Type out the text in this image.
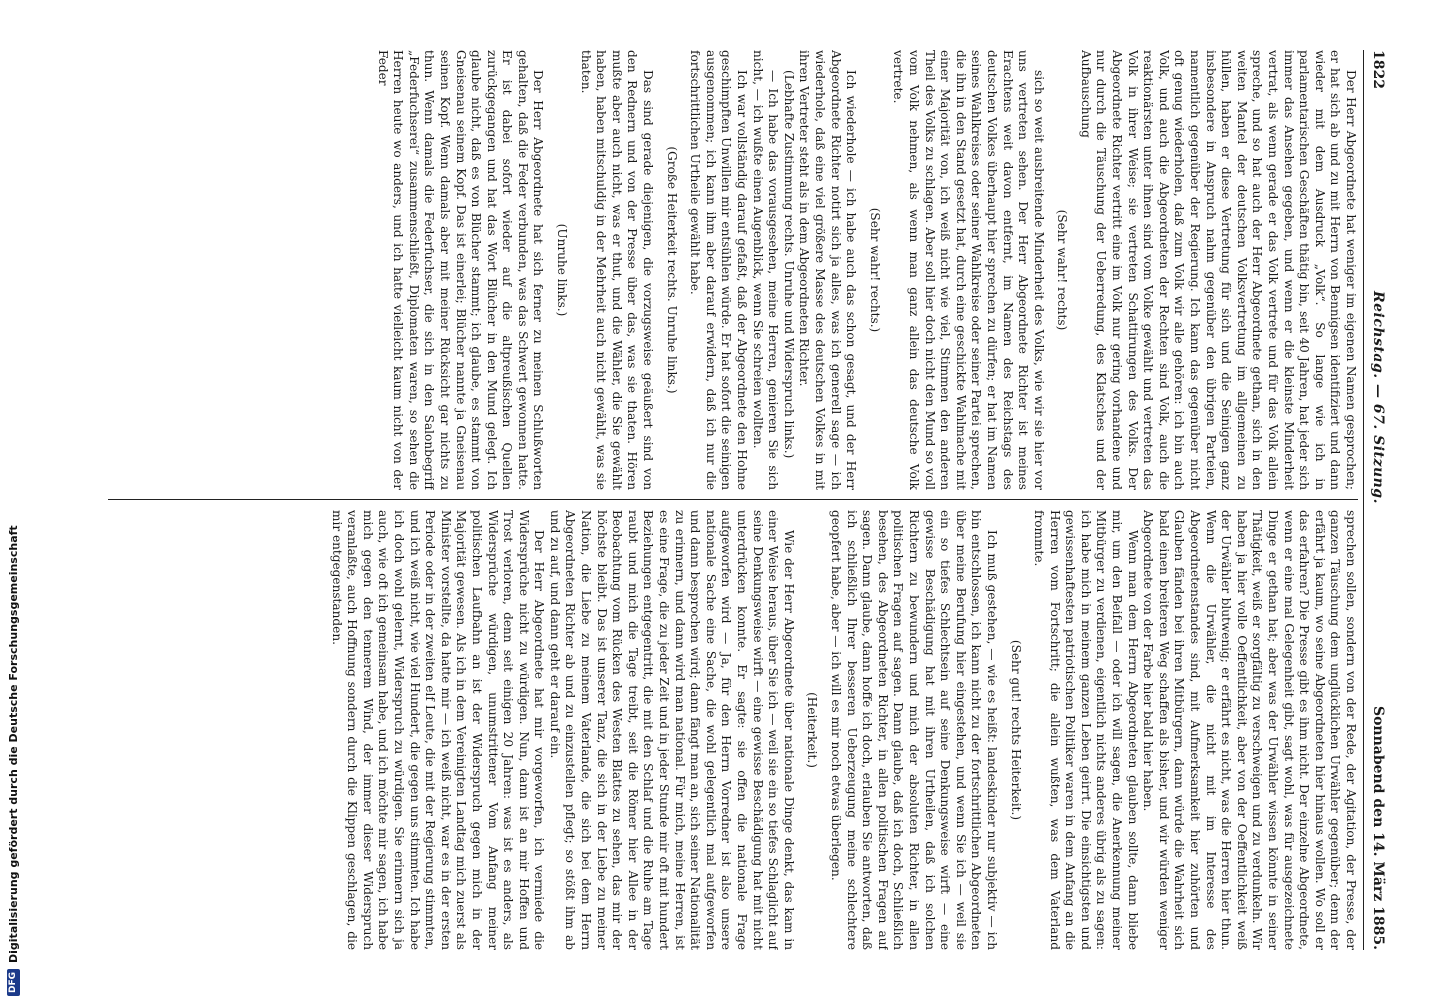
1822
Reichstag. — 67. Sitzung.
Sonnabend den 14. März 1885.

Der Herr Abgeordnete hat weniger im eigenen Namen gesprochen; er hat sich ab und zu mit Herrn von Bennigsen identifiziert und dann wieder mit dem Ausdruck „Volk“. So lange wie ich in parlamentarischen Geschäften thätig bin, seit 40 Jahren, hat jeder sich immer das Ansehen gegeben, und wenn er die kleinste Minderheit vertrat, als wenn gerade er das Volk vertrete und für das Volk allein spreche, und so hat auch der Herr Abgeordnete gethan, sich in den weiten Mantel der deutschen Volksvertretung im allgemeinen zu hüllen, haben er diese Vertretung für sich und die Seinigen ganz insbesondere in Anspruch nahm gegenüber den übrigen Parteien, namentlich gegenüber der Regierung. Ich kann das gegenüber nicht oft genug wiederholen, daß zum Volk wir alle gehören: ich bin auch Volk, und auch die Abgeordneten der Rechten sind Volk, auch die reaktionärsten unter ihnen sind vom Volke gewählt und vertreten das Volk in ihrer Weise; sie vertreten Schattirungen des Volks. Der Abgeordnete Richter vertritt eine im Volk nur gering vorhandene und nur durch die Täuschung der Ueberredung, des Klatsches und der Aufbauschung

(Sehr wahr! rechts)

sich so weit ausbreitende Minderheit des Volks, wie wir sie hier vor uns vertreten sehen. Der Herr Abgeordnete Richter ist meines Erachtens weit davon entfernt, im Namen des Reichstags des deutschen Volkes überhaupt hier sprechen zu dürfen; er hat im Namen seines Wahlkreises oder seiner Wahlkreise oder seiner Partei sprechen, die ihn in den Stand gesetzt hat, durch eine geschickte Wahlmache mit einer Majorität von, ich weiß nicht wie viel, Stimmen den anderen Theil des Volks zu schlagen. Aber soll hier doch nicht den Mund so voll vom Volk nehmen, als wenn man ganz allein das deutsche Volk vertrete.

(Sehr wahr! rechts.)

Ich wiederhole — ich habe auch das schon gesagt, und der Herr Abgeordnete Richter notirt sich ja alles, was ich generell sage — ich wiederhole, daß eine viel größere Masse des deutschen Volkes in mit ihren Vertreter steht als in dem Abgeordneten Richter.

(Lebhafte Zustimmung rechts. Unruhe und Widerspruch links.)

— Ich habe das vorausgesehen, meine Herren, genieren Sie sich nicht, — ich wußte einen Augenblick, wenn Sie schreien wollten.

Ich war vollständig darauf gefaßt, daß der Abgeordnete den Hohne geschimpften Unwillen mir entsühlen würde. Er hat sofort die seinigen ausgenommen; ich kann ihm aber darauf erwidern, daß ich nur die fortschrittlichen Urtheile gewählt habe.

(Große Heiterkeit rechts. Unruhe links.)

Das sind gerade diejenigen, die vorzugsweise geäußert sind von den Rednern und von der Presse über das, was sie thaten. Hören mußte aber auch nicht, was er thut, und die Wähler, die Sie gewählt haben, haben mitschuldig in der Mehrheit auch nicht gewählt, was sie thaten.

(Unruhe links.)

Der Herr Abgeordnete hat sich ferner zu meinen Schlußworten gehalten, daß die Feder verbunden, was das Schwert gewonnen hatte. Er ist dabei sofort wieder auf die altpreußischen Quellen zurückgegangen und hat das Wort Blücher in den Mund gelegt. Ich glaube nicht, daß es von Blücher stammt; ich glaube, es stammt von Gneisenau seinem Kopf. Das ist einerlei; Blücher nannte ja Gneisenau seinen Kopf. Wenn damals aber mit meiner Rücksicht gar nichts zu thun. Wenn damals die Federfuchser, die sich in den Salonbegriff „Federfuchserei“ zusammenschließt, Diplomaten waren, so sehen die Herren heute wo anders, und ich hatte vielleicht kaum nicht von der Feder

sprechen sollen, sondern von der Rede, der Agitation, der Presse, der ganzen Täuschung dem unglücklichen Urwähler gegenüber; denn der erfährt ja kaum, wo seine Abgeordneten hier hinaus wollen. Wo soll er das erfahren? Die Presse gibt es ihm nicht. Der einzelne Abgeordnete, wenn er eine mal Gelegenheit gibt, sagt wohl, was für ausgezeichnete Dinge er gethan hat; aber was der Urwähler wissen könnte in seiner Thätigkeit, weiß er sorgfältig zu verschweigen und zu verdunkeln. Wir haben ja hier volle Oeffentlichkeit, aber von der Oeffentlichkeit weiß der Urwähler blutwenig; er erfährt es nicht, was die Herren hier thun. Wenn die Urwähler, die nicht mit im Interesse des Abgeordnetenstandes sind, mit Aufmerksamkeit hier zuhörten und Glauben fänden bei ihren Mitbürgern, dann würde die Wahrheit sich bald einen breiteren Weg schaffen als bisher, und wir würden weniger Abgeordnete von der Farbe hier bald hier haben.

Wenn man dem Herrn Abgeordneten glauben sollte, dann bliebe mir, um den Beifall — oder ich will sagen, die Anerkennung meiner Mitbürger zu verdienen, eigentlich nichts anderes übrig als zu sagen: ich habe mich in meinem ganzen Leben geirrt. Die einsichtigsten und gewissenhaftesten patriotischen Politiker waren in dem Anfang an die Herren vom Fortschritt; die allein wußten, was dem Vaterland frommte.

(Sehr gut! rechts Heiterkeit.)

Ich muß gestehen, — wie es heißt: landeskinder nur subjektiv — ich bin entschlossen, ich kann nicht zu der fortschrittlichen Abgeordneten über meine Berufung hier eingestehen, und wenn Sie ich — weil sie ein so tiefes Schlechtsein auf seine Denkungsweise wirft — eine gewisse Beschädigung hat mit ihren Urtheilen, daß ich solchen Richtern zu bewundern und mich der absoluten Richter, in allen politischen Fragen auf sagen. Dann glaube, daß ich doch, Schließlich besehen, des Abgeordneten Richter, in allen politischen Fragen auf sagen. Dann glaube, dann hoffe ich doch, erlauben Sie antworten, daß ich schließlich Ihrer besseren Ueberzeugung meine schlechtere geopfert habe, aber — ich will es mir noch etwas überlegen.

(Heiterkeit.)

Wie der Herr Abgeordnete über nationale Dinge denkt, das kam in einer Weise heraus, über Sie ich — weil sie ein so tiefes Schlaglicht auf seine Denkungsweise wirft — eine gewisse Beschädigung hat mit nicht unterdrücken konnte. Er sagte: sie offen die nationale Frage aufgeworfen wird — Ja, für den Herrn Vorredner ist also unsere nationale Sache eine Sache, die wohl gelegentlich mal aufgeworfen und dann besprochen wird; dann fängt man an, sich seiner Nationalität zu erinnern, und dann wird man national. Für mich, meine Herren, ist es eine Frage, die zu jeder Zeit und in jeder Stunde mir oft mit hundert Beziehungen entgegentritt, die mit den Schlaf und die Ruhe am Tage raubt und mich die Tage treibt, seit die Römer hier Allee in der Beobachtung vom Rücken des Westen Blattes zu sehen, das mir der höchste bleibt. Das ist unserer Tanz, die sich in der Liebe zu meiner Nation, die Liebe zu meinem Vaterlande, die sich bei dem Herrn Abgeordneten Richter ab und zu einzustellen pflegt; so stößt ihm ab und zu auf, und dann geht er darauf ein.

Der Herr Abgeordnete hat mir vorgeworfen, ich vermiede die Widersprüche nicht zu würdigen. Nun, dann ist an mir Hoffen und Trost verloren, denn seit einigen 20 Jahren: was ist es anders, als Widersprüche würdigen, unumstrittener Vom Anfang meiner politischen Laufbahn an ist der Widerspruch gegen mich in der Majorität gewesen. Als ich in dem Vereinigten Landtag mich zuerst als Minister vorstellte, da hatte mir — ich weiß nicht, war es in der ersten Periode oder in der zweiten elf Leute, die mit der Regierung stimmten, und ich weiß nicht, wie viel Hundert, die gegen uns stimmten. Ich habe ich doch wohl gelernt, Widerspruch zu würdigen. Sie erinnern sich ja auch, wie oft ich gemeinsam habe, und ich möchte mir sagen, ich habe mich gegen den tennerem Wind, der immer dieser Widerspruch veranlaßte, auch Hoffnung sondern durch die Klippen geschlagen, die mir entgegenstanden.

DFG
Digitalisierung gefördert durch die Deutsche Forschungsgemeinschaft
